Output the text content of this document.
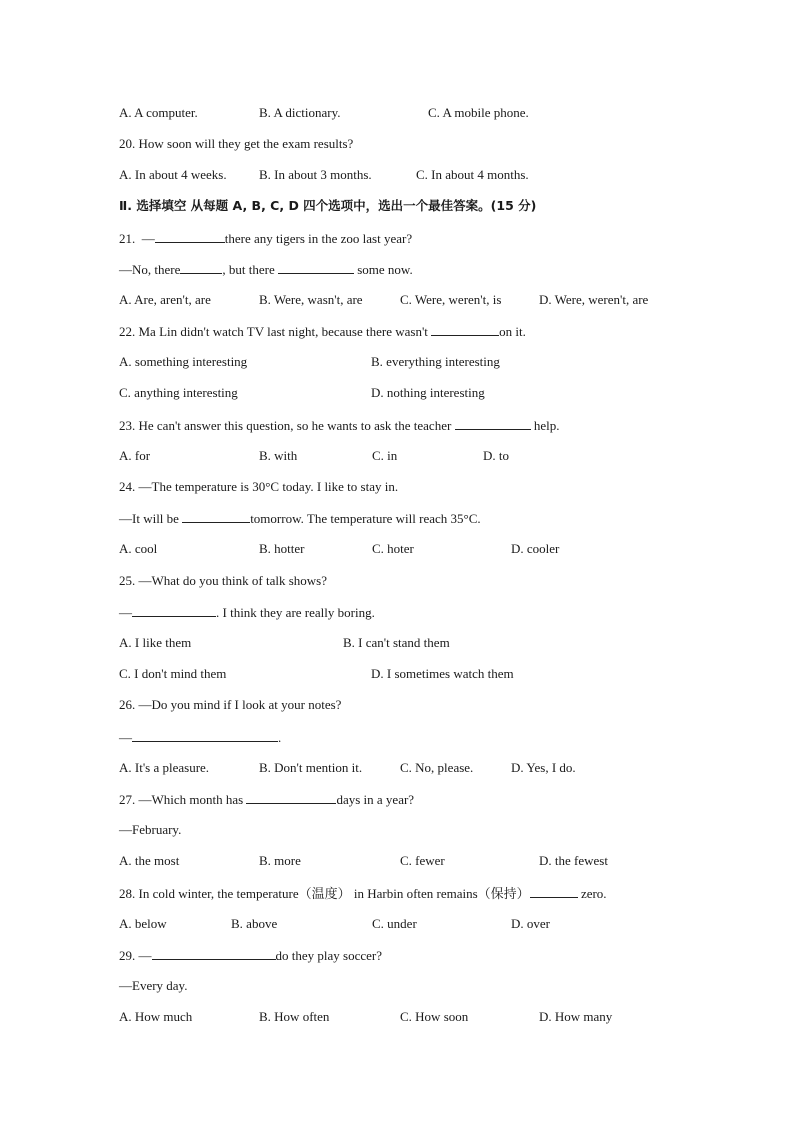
A. A computer.	B. A dictionary.	C. A mobile phone.
20. How soon will they get the exam results?
A. In about 4 weeks. B. In about 3 months.	C. In about 4 months.
Ⅱ. 选择填空 从每题 A, B, C, D 四个选项中，选出一个最佳答案。(15 分)
21.  —	there any tigers in the zoo last year?
—No, there	, but there	some now.
A. Are, aren't, are	B. Were, wasn't, are	C. Were, weren't, is	D. Were, weren't, are
22. Ma Lin didn't watch TV last night, because there wasn't	on it.
A. something interesting	B. everything interesting
C. anything interesting	D. nothing interesting
23. He can't answer this question, so he wants to ask the teacher	help.
A. for	B. with	C. in	D. to
24. —The temperature is 30°C today. I like to stay in.
—It will be	tomorrow. The temperature will reach 35°C.
A. cool	B. hotter	C. hoter	D. cooler
25. —What do you think of talk shows?
—	. I think they are really boring.
A. I like them	B. I can't stand them
C. I don't mind them	D. I sometimes watch them
26. —Do you mind if I look at your notes?
—	.
A. It's a pleasure.	B. Don't mention it.	C. No, please.	D. Yes, I do.
27. —Which month has	days in a year?
—February.
A. the most	B. more	C. fewer	D. the fewest
28. In cold winter, the temperature（温度） in Harbin often remains（保持）	zero.
A. below	B. above	C. under	D. over
29. —	do they play soccer?
—Every day.
A. How much	B. How often	C. How soon	D. How many
